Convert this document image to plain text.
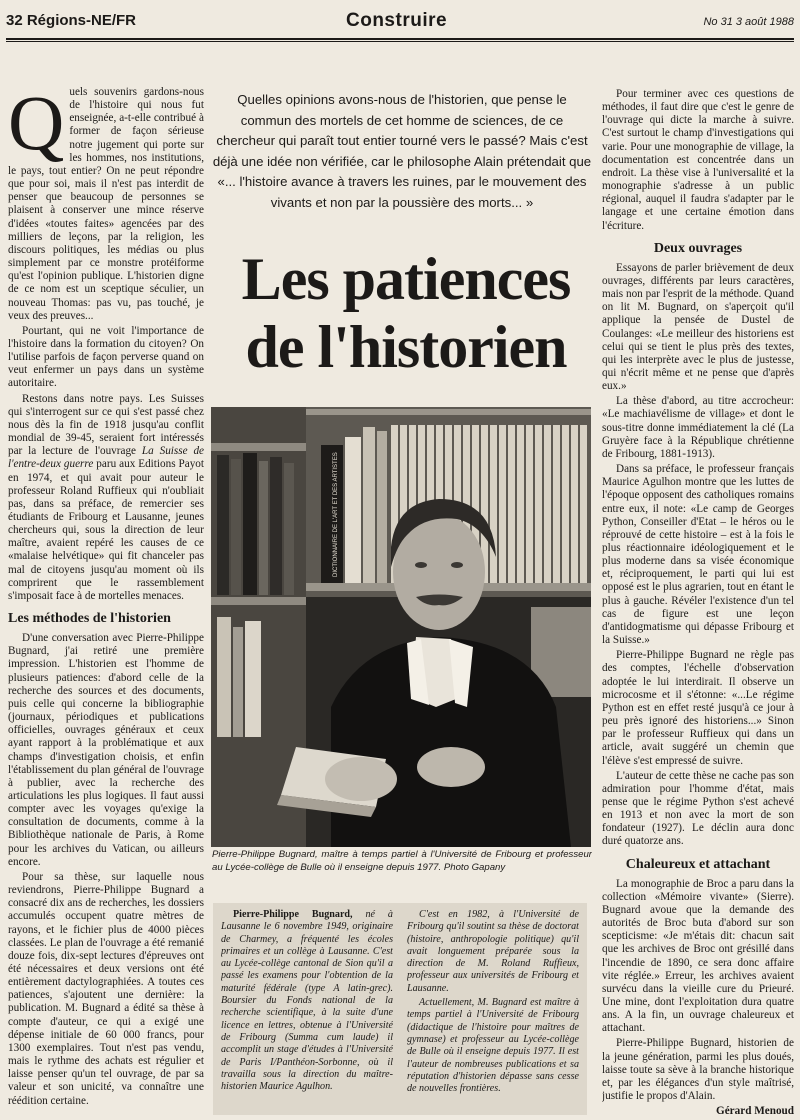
32 Régions-NE/FR	Construire	No 31 3 août 1988

Quels souvenirs gardons-nous de l'histoire qui nous fut enseignée, a-t-elle contribué à former de façon sérieuse notre jugement qui porte sur les hommes, nos institutions, le pays, tout entier? On ne peut répondre que pour soi, mais il n'est pas interdit de penser que beaucoup de personnes se plaisent à conserver une mince réserve d'idées «toutes faites» agencées par des milliers de leçons, par la religion, les discours politiques, les médias ou plus simplement par ce monstre protéiforme qu'est l'opinion publique. L'historien digne de ce nom est un sceptique séculier, un nouveau Thomas: pas vu, pas touché, je veux des preuves...

Pourtant, qui ne voit l'importance de l'histoire dans la formation du citoyen? On l'utilise parfois de façon perverse quand on veut enfermer un pays dans un système autoritaire.

Restons dans notre pays. Les Suisses qui s'interrogent sur ce qui s'est passé chez nous dès la fin de 1918 jusqu'au conflit mondial de 39-45, seraient fort intéressés par la lecture de l'ouvrage La Suisse de l'entre-deux guerre paru aux Editions Payot en 1974, et qui avait pour auteur le professeur Roland Ruffieux qui n'oubliait pas, dans sa préface, de remercier ses étudiants de Fribourg et Lausanne, jeunes chercheurs qui, sous la direction de leur maître, avaient repéré les causes de ce «malaise helvétique» qui fit chanceler pas mal de citoyens jusqu'au moment où ils comprirent que le rassemblement s'imposait face à de mortelles menaces.

Les méthodes de l'historien

D'une conversation avec Pierre-Philippe Bugnard, j'ai retiré une première impression. L'historien est l'homme de plusieurs patiences: d'abord celle de la recherche des sources et des documents, puis celle qui concerne la bibliographie (journaux, périodiques et publications officielles, ouvrages généraux et ceux ayant rapport à la problématique et aux champs d'investigation choisis, et enfin l'établissement du plan général de l'ouvrage à publier, avec la recherche des articulations les plus logiques. Il faut aussi compter avec les voyages qu'exige la consultation de documents, comme à la Bibliothèque nationale de Paris, à Rome pour les archives du Vatican, ou ailleurs encore.

Pour sa thèse, sur laquelle nous reviendrons, Pierre-Philippe Bugnard a consacré dix ans de recherches, les dossiers accumulés occupent quatre mètres de rayons, et le fichier plus de 4000 pièces classées. Le plan de l'ouvrage a été remanié douze fois, dix-sept lectures d'épreuves ont été nécessaires et deux versions ont été entièrement dactylographiées. A toutes ces patiences, s'ajoutent une dernière: la publication. M. Bugnard a édité sa thèse à compte d'auteur, ce qui a exigé une dépense initiale de 60 000 francs, pour 1300 exemplaires. Tout n'est pas vendu, mais le rythme des achats est régulier et laisse penser qu'un tel ouvrage, de par sa valeur et son unicité, va connaître une réédition certaine.

Quelles opinions avons-nous de l'historien, que pense le commun des mortels de cet homme de sciences, de ce chercheur qui paraît tout entier tourné vers le passé? Mais c'est déjà une idée non vérifiée, car le philosophe Alain prétendait que «... l'histoire avance à travers les ruines, par le mouvement des vivants et non par la poussière des morts... »
Les patiences
de l'historien
DICTIONNAIRE DE L'ART ET DES ARTISTES
Pierre-Philippe Bugnard, maître à temps partiel à l'Université de Fribourg et professeur au Lycée-collège de Bulle où il enseigne depuis 1977. Photo Gapany

Pierre-Philippe Bugnard, né à Lausanne le 6 novembre 1949, originaire de Charmey, a fréquenté les écoles primaires et un collège à Lausanne. C'est au Lycée-collège cantonal de Sion qu'il a passé les examens pour l'obtention de la maturité fédérale (type A latin-grec). Boursier du Fonds national de la recherche scientifique, à la suite d'une licence en lettres, obtenue à l'Université de Fribourg (Summa cum laude) il accomplit un stage d'études à l'Université de Paris I/Panthéon-Sorbonne, où il travailla sous la direction du maître-historien Maurice Agulhon.

C'est en 1982, à l'Université de Fribourg qu'il soutint sa thèse de doctorat (histoire, anthropologie politique) qu'il avait longuement préparée sous la direction de M. Roland Ruffieux, professeur aux universités de Fribourg et Lausanne.

Actuellement, M. Bugnard est maître à temps partiel à l'Université de Fribourg (didactique de l'histoire pour maîtres de gymnase) et professeur au Lycée-collège de Bulle où il enseigne depuis 1977. Il est l'auteur de nombreuses publications et sa réputation d'historien dépasse sans cesse de nouvelles frontières.

Pour terminer avec ces questions de méthodes, il faut dire que c'est le genre de l'ouvrage qui dicte la marche à suivre. C'est surtout le champ d'investigations qui varie. Pour une monographie de village, la documentation est concentrée dans un endroit. La thèse vise à l'universalité et la monographie s'adresse à un public régional, auquel il faudra s'adapter par le langage et une certaine émotion dans l'écriture.

Deux ouvrages

Essayons de parler brièvement de deux ouvrages, différents par leurs caractères, mais non par l'esprit de la méthode. Quand on lit M. Bugnard, on s'aperçoit qu'il applique la pensée de Dustel de Coulanges: «Le meilleur des historiens est celui qui se tient le plus près des textes, qui les interprète avec le plus de justesse, qui n'écrit même et ne pense que d'après eux.»

La thèse d'abord, au titre accrocheur: «Le machiavélisme de village» et dont le sous-titre donne immédiatement la clé (La Gruyère face à la République chrétienne de Fribourg, 1881-1913).

Dans sa préface, le professeur français Maurice Agulhon montre que les luttes de l'époque opposent des catholiques romains entre eux, il note: «Le camp de Georges Python, Conseiller d'Etat – le héros ou le réprouvé de cette histoire – est à la fois le plus réactionnaire idéologiquement et le plus moderne dans sa visée économique et, réciproquement, le parti qui lui est opposé est le plus agrarien, tout en étant le plus à gauche. Révéler l'existence d'un tel cas de figure est une leçon d'antidogmatisme qui dépasse Fribourg et la Suisse.»

Pierre-Philippe Bugnard ne règle pas des comptes, l'échelle d'observation adoptée le lui interdirait. Il observe un microcosme et il s'étonne: «...Le régime Python est en effet resté jusqu'à ce jour à peu près ignoré des historiens...» Sinon par le professeur Ruffieux qui dans un article, avait suggéré un chemin que l'élève s'est empressé de suivre.

L'auteur de cette thèse ne cache pas son admiration pour l'homme d'état, mais pense que le régime Python s'est achevé en 1913 et non avec la mort de son fondateur (1927). Le déclin aura donc duré quatorze ans.

Chaleureux et attachant

La monographie de Broc a paru dans la collection «Mémoire vivante» (Sierre). Bugnard avoue que la demande des autorités de Broc buta d'abord sur son scepticisme: «Je m'étais dit: chacun sait que les archives de Broc ont grésillé dans l'incendie de 1890, ce sera donc affaire vite réglée.» Erreur, les archives avaient survécu dans la vieille cure du Prieuré. Une mine, dont l'exploitation dura quatre ans. A la fin, un ouvrage chaleureux et attachant.

Pierre-Philippe Bugnard, historien de la jeune génération, parmi les plus doués, laisse toute sa sève à la branche historique et, par les élégances d'un style maîtrisé, justifie le propos d'Alain.

Gérard Menoud
